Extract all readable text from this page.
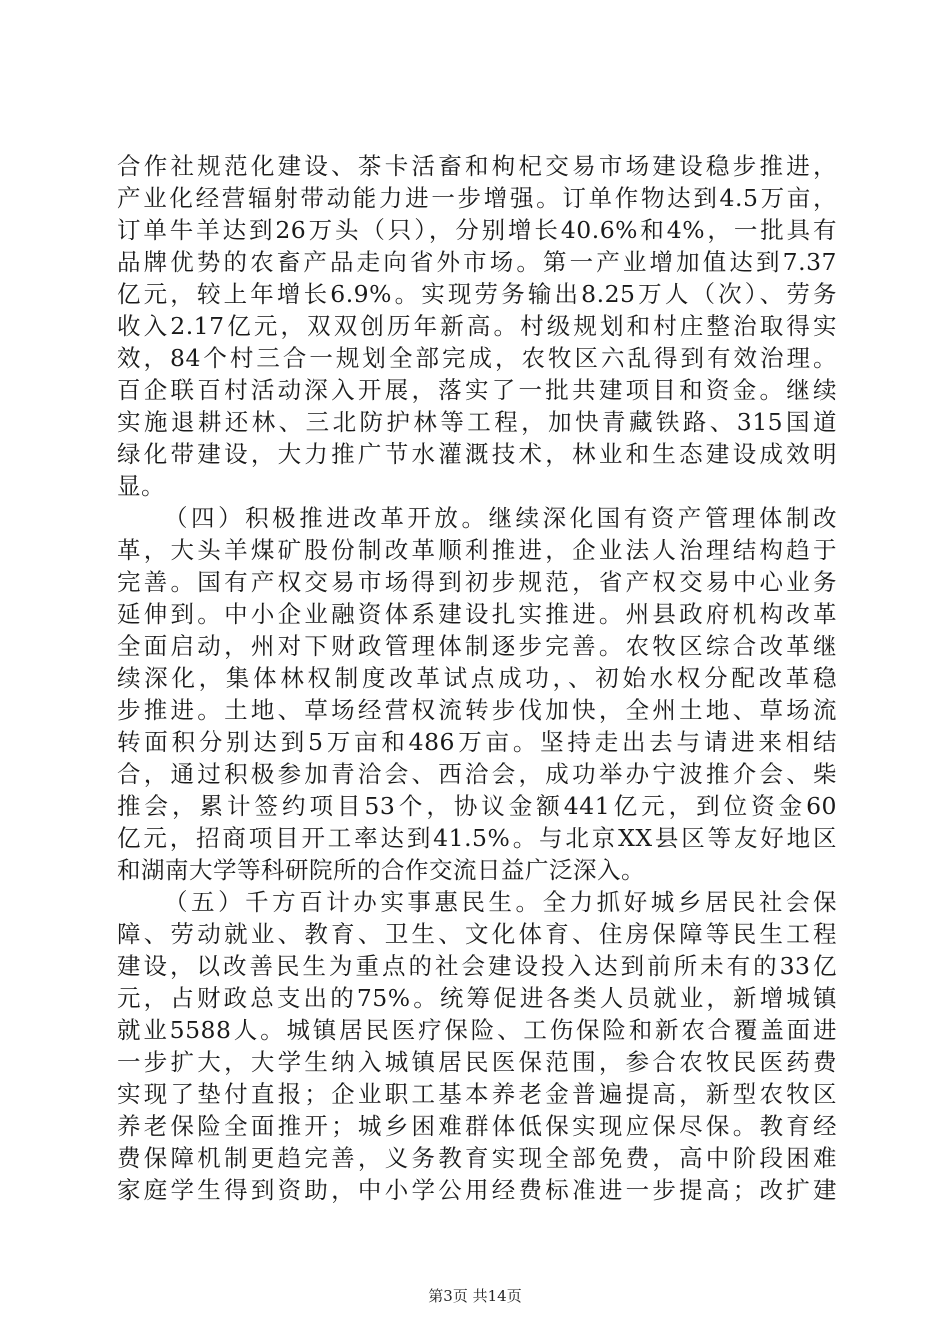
合作社规范化建设、茶卡活畜和枸杞交易市场建设稳步推进，
产业化经营辐射带动能力进一步增强。订单作物达到4.5万亩，
订单牛羊达到26万头（只），分别增长40.6%和4%，一批具有
品牌优势的农畜产品走向省外市场。第一产业增加值达到7.37
亿元，较上年增长6.9%。实现劳务输出8.25万人（次）、劳务
收入2.17亿元，双双创历年新高。村级规划和村庄整治取得实
效，84个村三合一规划全部完成，农牧区六乱得到有效治理。
百企联百村活动深入开展，落实了一批共建项目和资金。继续
实施退耕还林、三北防护林等工程，加快青藏铁路、315国道
绿化带建设，大力推广节水灌溉技术，林业和生态建设成效明
显。
（四）积极推进改革开放。继续深化国有资产管理体制改
革，大头羊煤矿股份制改革顺利推进，企业法人治理结构趋于
完善。国有产权交易市场得到初步规范，省产权交易中心业务
延伸到。中小企业融资体系建设扎实推进。州县政府机构改革
全面启动，州对下财政管理体制逐步完善。农牧区综合改革继
续深化，集体林权制度改革试点成功，、初始水权分配改革稳
步推进。土地、草场经营权流转步伐加快，全州土地、草场流
转面积分别达到5万亩和486万亩。坚持走出去与请进来相结
合，通过积极参加青洽会、西洽会，成功举办宁波推介会、柴
推会，累计签约项目53个，协议金额441亿元，到位资金60
亿元，招商项目开工率达到41.5%。与北京XX县区等友好地区
和湖南大学等科研院所的合作交流日益广泛深入。
（五）千方百计办实事惠民生。全力抓好城乡居民社会保
障、劳动就业、教育、卫生、文化体育、住房保障等民生工程
建设，以改善民生为重点的社会建设投入达到前所未有的33亿
元，占财政总支出的75%。统筹促进各类人员就业，新增城镇
就业5588人。城镇居民医疗保险、工伤保险和新农合覆盖面进
一步扩大，大学生纳入城镇居民医保范围，参合农牧民医药费
实现了垫付直报；企业职工基本养老金普遍提高，新型农牧区
养老保险全面推开；城乡困难群体低保实现应保尽保。教育经
费保障机制更趋完善，义务教育实现全部免费，高中阶段困难
家庭学生得到资助，中小学公用经费标准进一步提高；改扩建
第3页 共14页
